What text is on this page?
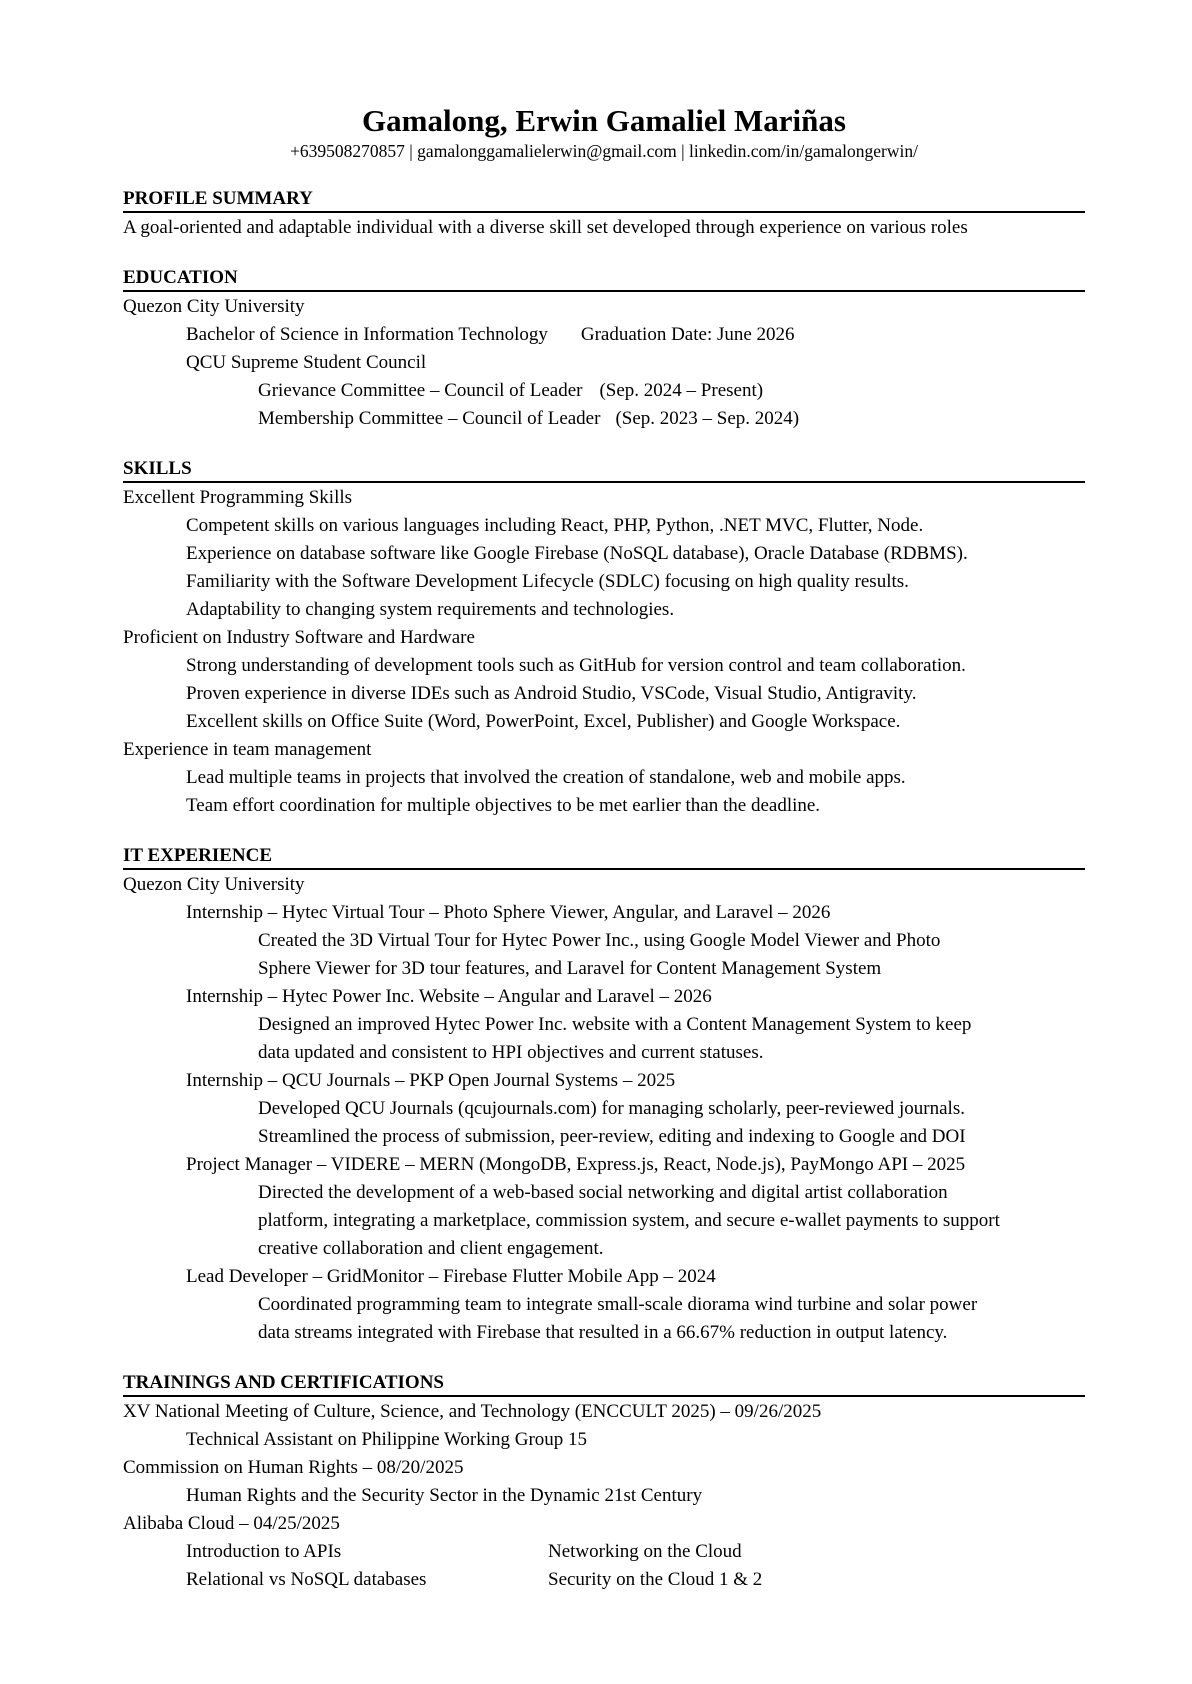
Gamalong, Erwin Gamaliel Mariñas
+639508270857 | gamalonggamalielerwin@gmail.com | linkedin.com/in/gamalongerwin/
PROFILE SUMMARY
A goal-oriented and adaptable individual with a diverse skill set developed through experience on various roles
EDUCATION
Quezon City University
Bachelor of Science in Information Technology Graduation Date: June 2026
QCU Supreme Student Council
Grievance Committee – Council of Leader (Sep. 2024 – Present)
Membership Committee – Council of Leader (Sep. 2023 – Sep. 2024)
SKILLS
Excellent Programming Skills
Competent skills on various languages including React, PHP, Python, .NET MVC, Flutter, Node.
Experience on database software like Google Firebase (NoSQL database), Oracle Database (RDBMS).
Familiarity with the Software Development Lifecycle (SDLC) focusing on high quality results.
Adaptability to changing system requirements and technologies.
Proficient on Industry Software and Hardware
Strong understanding of development tools such as GitHub for version control and team collaboration.
Proven experience in diverse IDEs such as Android Studio, VSCode, Visual Studio, Antigravity.
Excellent skills on Office Suite (Word, PowerPoint, Excel, Publisher) and Google Workspace.
Experience in team management
Lead multiple teams in projects that involved the creation of standalone, web and mobile apps.
Team effort coordination for multiple objectives to be met earlier than the deadline.
IT EXPERIENCE
Quezon City University
Internship – Hytec Virtual Tour – Photo Sphere Viewer, Angular, and Laravel – 2026
Created the 3D Virtual Tour for Hytec Power Inc., using Google Model Viewer and Photo
Sphere Viewer for 3D tour features, and Laravel for Content Management System
Internship – Hytec Power Inc. Website – Angular and Laravel – 2026
Designed an improved Hytec Power Inc. website with a Content Management System to keep
data updated and consistent to HPI objectives and current statuses.
Internship – QCU Journals – PKP Open Journal Systems – 2025
Developed QCU Journals (qcujournals.com) for managing scholarly, peer-reviewed journals.
Streamlined the process of submission, peer-review, editing and indexing to Google and DOI
Project Manager – VIDERE – MERN (MongoDB, Express.js, React, Node.js), PayMongo API – 2025
Directed the development of a web-based social networking and digital artist collaboration
platform, integrating a marketplace, commission system, and secure e-wallet payments to support
creative collaboration and client engagement.
Lead Developer – GridMonitor – Firebase Flutter Mobile App – 2024
Coordinated programming team to integrate small-scale diorama wind turbine and solar power
data streams integrated with Firebase that resulted in a 66.67% reduction in output latency.
TRAININGS AND CERTIFICATIONS
XV National Meeting of Culture, Science, and Technology (ENCCULT 2025) – 09/26/2025
Technical Assistant on Philippine Working Group 15
Commission on Human Rights – 08/20/2025
Human Rights and the Security Sector in the Dynamic 21st Century
Alibaba Cloud – 04/25/2025
Introduction to APIs	Networking on the Cloud
Relational vs NoSQL databases	Security on the Cloud 1 & 2
